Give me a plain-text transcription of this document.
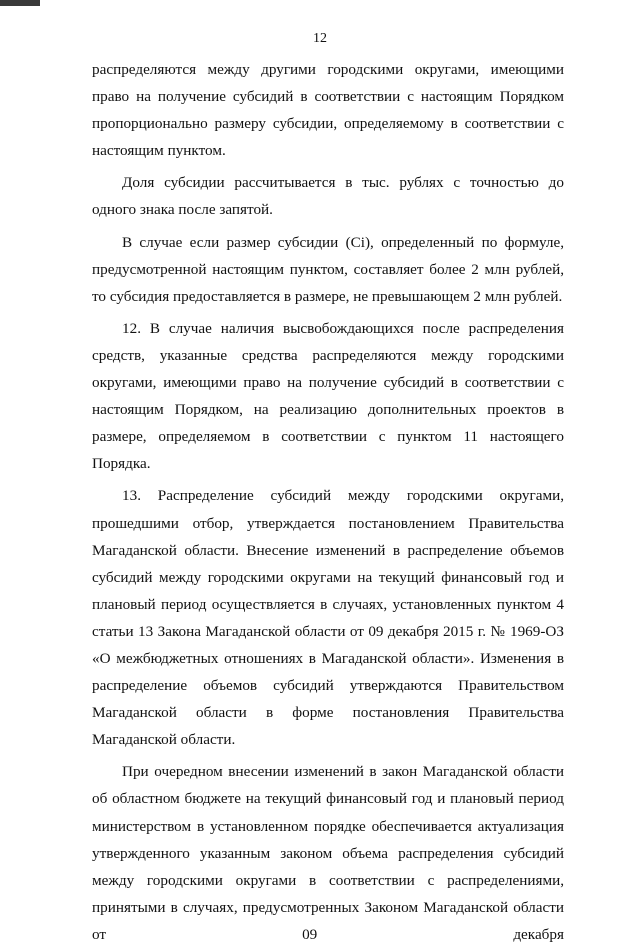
12

распределяются между другими городскими округами, имеющими право на получение субсидий в соответствии с настоящим Порядком пропорционально размеру субсидии, определяемому в соответствии с настоящим пунктом.

Доля субсидии рассчитывается в тыс. рублях с точностью до одного знака после запятой.

В случае если размер субсидии (Ci), определенный по формуле, предусмотренной настоящим пунктом, составляет более 2 млн рублей, то субсидия предоставляется в размере, не превышающем 2 млн рублей.

12. В случае наличия высвобождающихся после распределения средств, указанные средства распределяются между городскими округами, имеющими право на получение субсидий в соответствии с настоящим Порядком, на реализацию дополнительных проектов в размере, определяемом в соответствии с пунктом 11 настоящего Порядка.

13. Распределение субсидий между городскими округами, прошедшими отбор, утверждается постановлением Правительства Магаданской области. Внесение изменений в распределение объемов субсидий между городскими округами на текущий финансовый год и плановый период осуществляется в случаях, установленных пунктом 4 статьи 13 Закона Магаданской области от 09 декабря 2015 г. № 1969-ОЗ «О межбюджетных отношениях в Магаданской области». Изменения в распределение объемов субсидий утверждаются Правительством Магаданской области в форме постановления Правительства Магаданской области.

При очередном внесении изменений в закон Магаданской области об областном бюджете на текущий финансовый год и плановый период министерством в установленном порядке обеспечивается актуализация утвержденного указанным законом объема распределения субсидий между городскими округами в соответствии с распределениями, принятыми в случаях, предусмотренных Законом Магаданской области от 09 декабря
